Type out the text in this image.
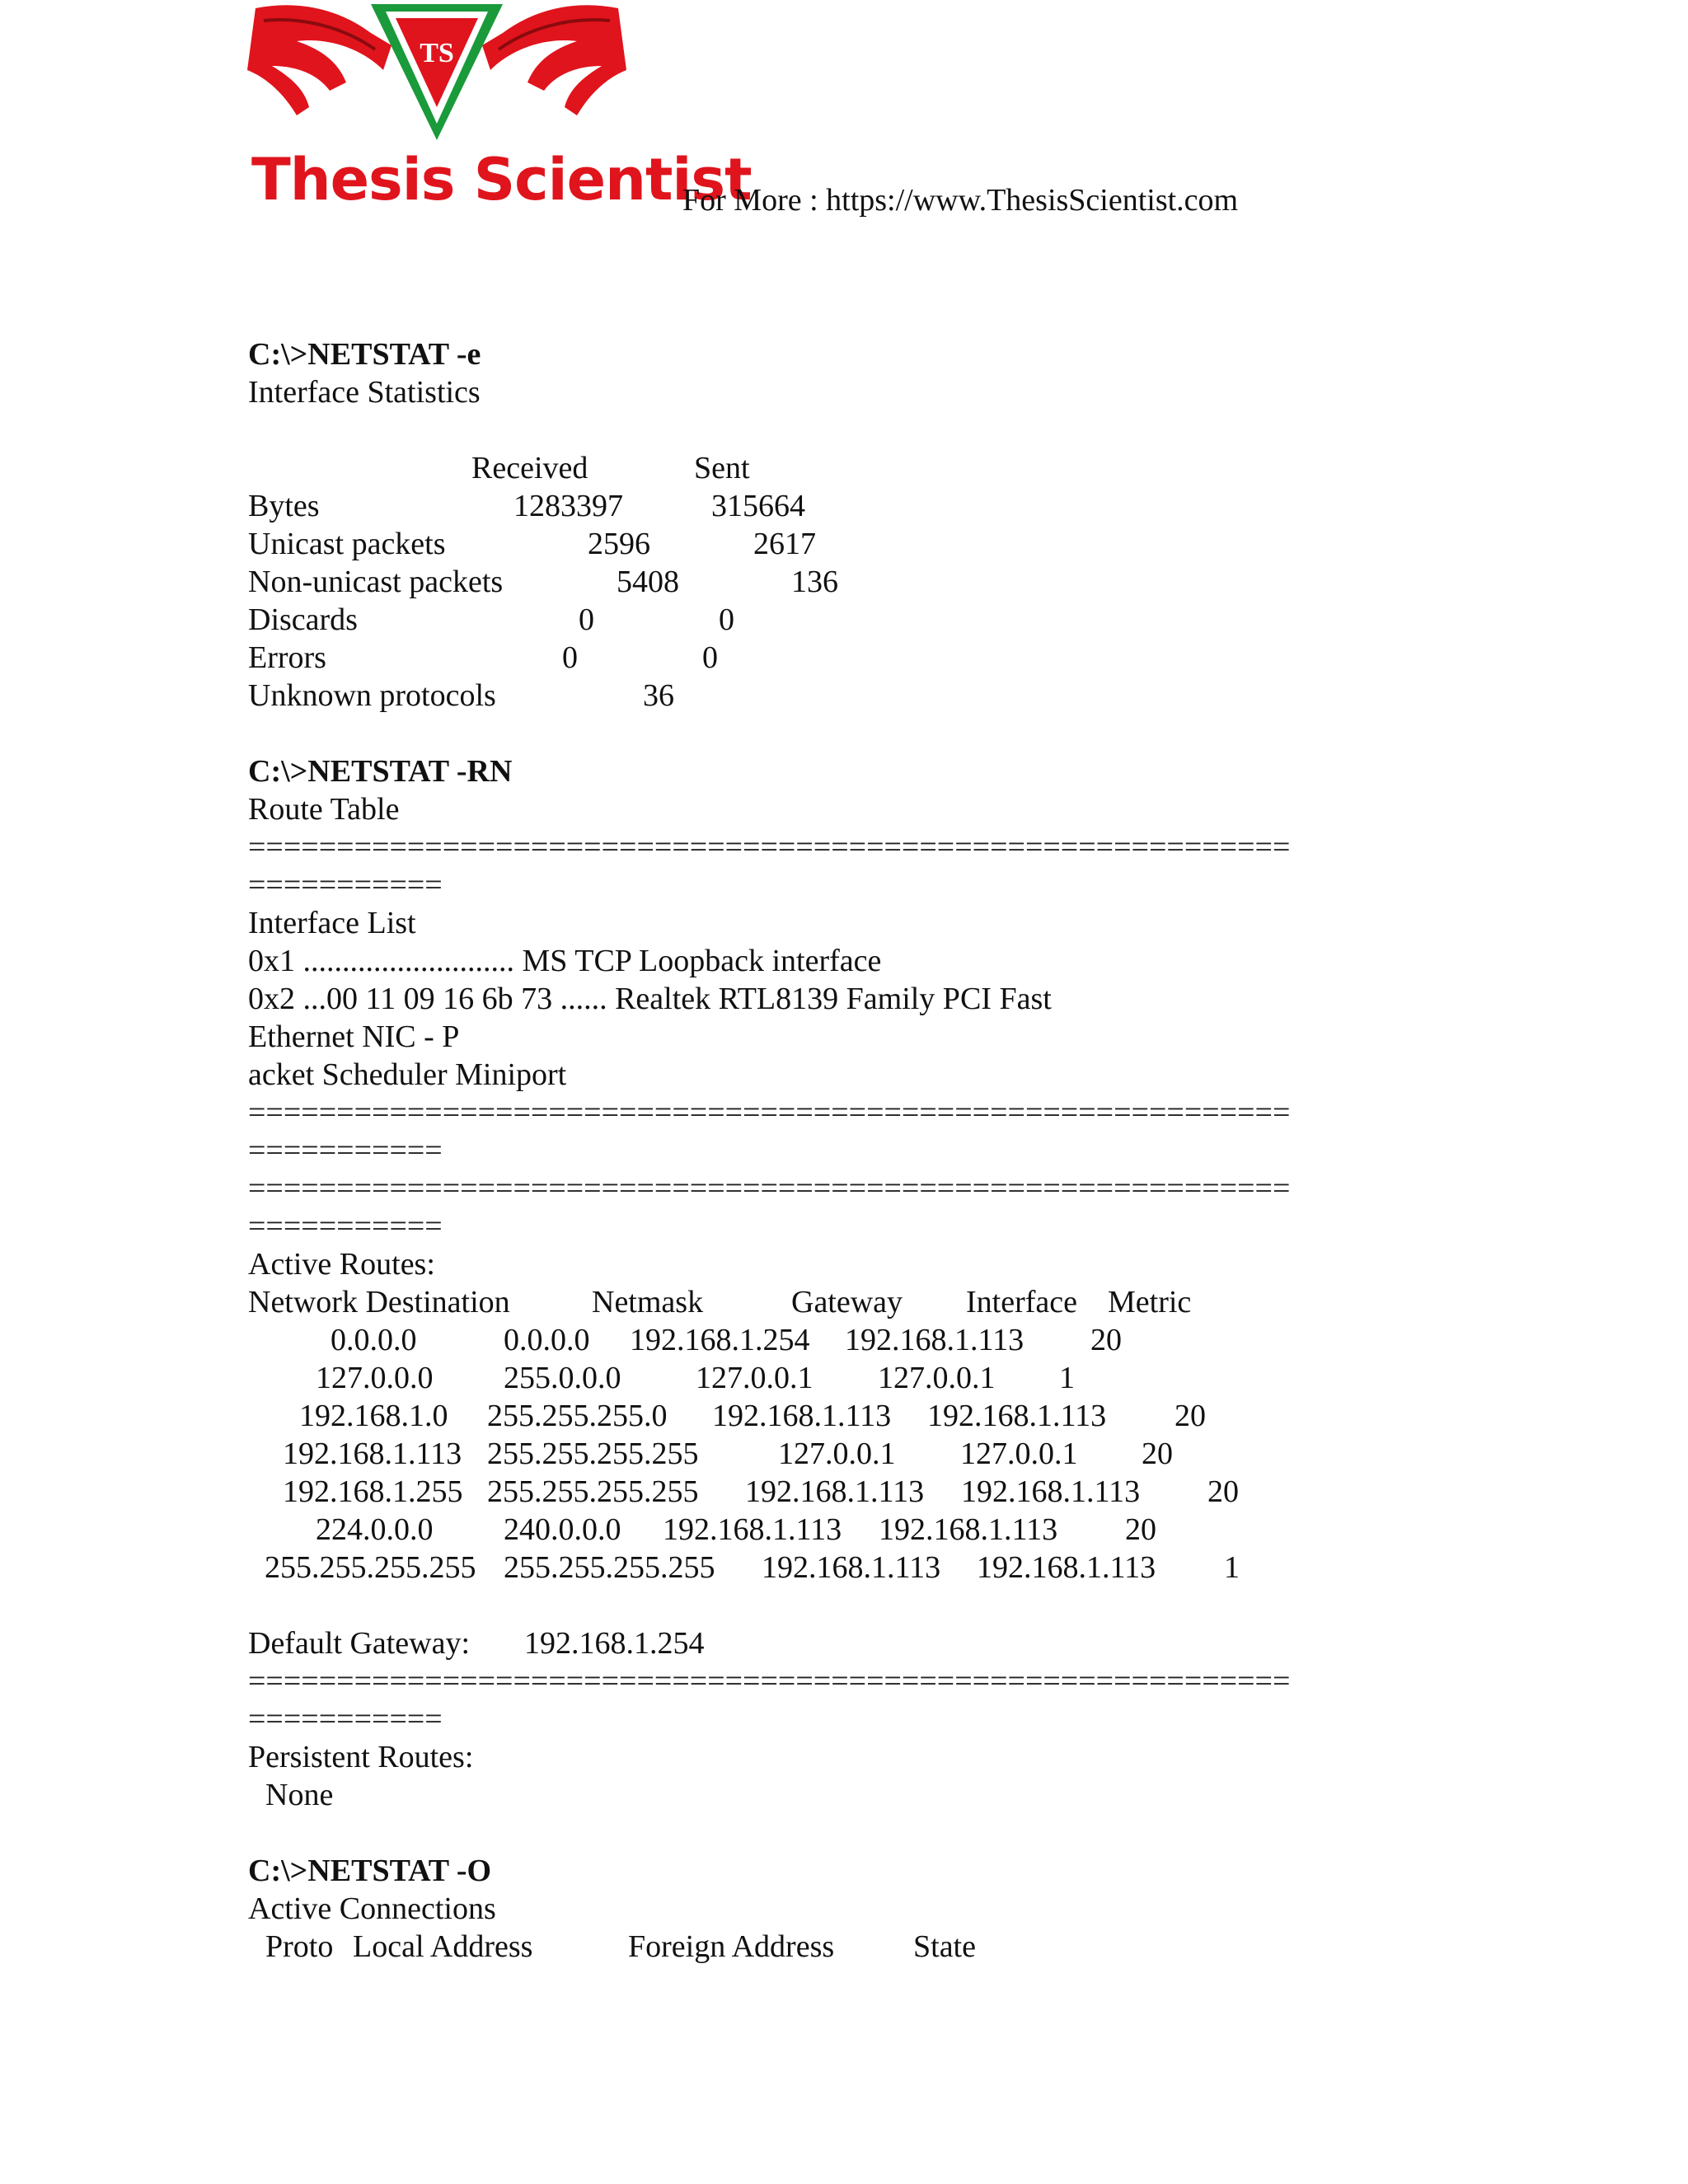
TS
Thesis Scientist
For More : https://www.ThesisScientist.com
C:\>NETSTAT -e
Interface Statistics
Received	Sent
Bytes	1283397	315664
Unicast packets	2596	2617
Non-unicast packets	5408	136
Discards	0	0
Errors	0	0
Unknown protocols	36
C:\>NETSTAT -RN
Route Table
===========================================================
===========
Interface List
0x1 ........................... MS TCP Loopback interface
0x2 ...00 11 09 16 6b 73 ...... Realtek RTL8139 Family PCI Fast
Ethernet NIC - P
acket Scheduler Miniport
===========================================================
===========
===========================================================
===========
Active Routes:
Network Destination	Netmask	Gateway Interface Metric
0.0.0.0	0.0.0.0 192.168.1.254 192.168.1.113 20
127.0.0.0 255.0.0.0 127.0.0.1 127.0.0.1 1
192.168.1.0 255.255.255.0 192.168.1.113 192.168.1.113 20
192.168.1.113 255.255.255.255	127.0.0.1 127.0.0.1 20
192.168.1.255 255.255.255.255 192.168.1.113 192.168.1.113 20
224.0.0.0 240.0.0.0 192.168.1.113 192.168.1.113 20
255.255.255.255 255.255.255.255 192.168.1.113 192.168.1.113 1
Default Gateway: 192.168.1.254
===========================================================
===========
Persistent Routes:
None
C:\>NETSTAT -O
Active Connections
Proto Local Address	Foreign Address	State
